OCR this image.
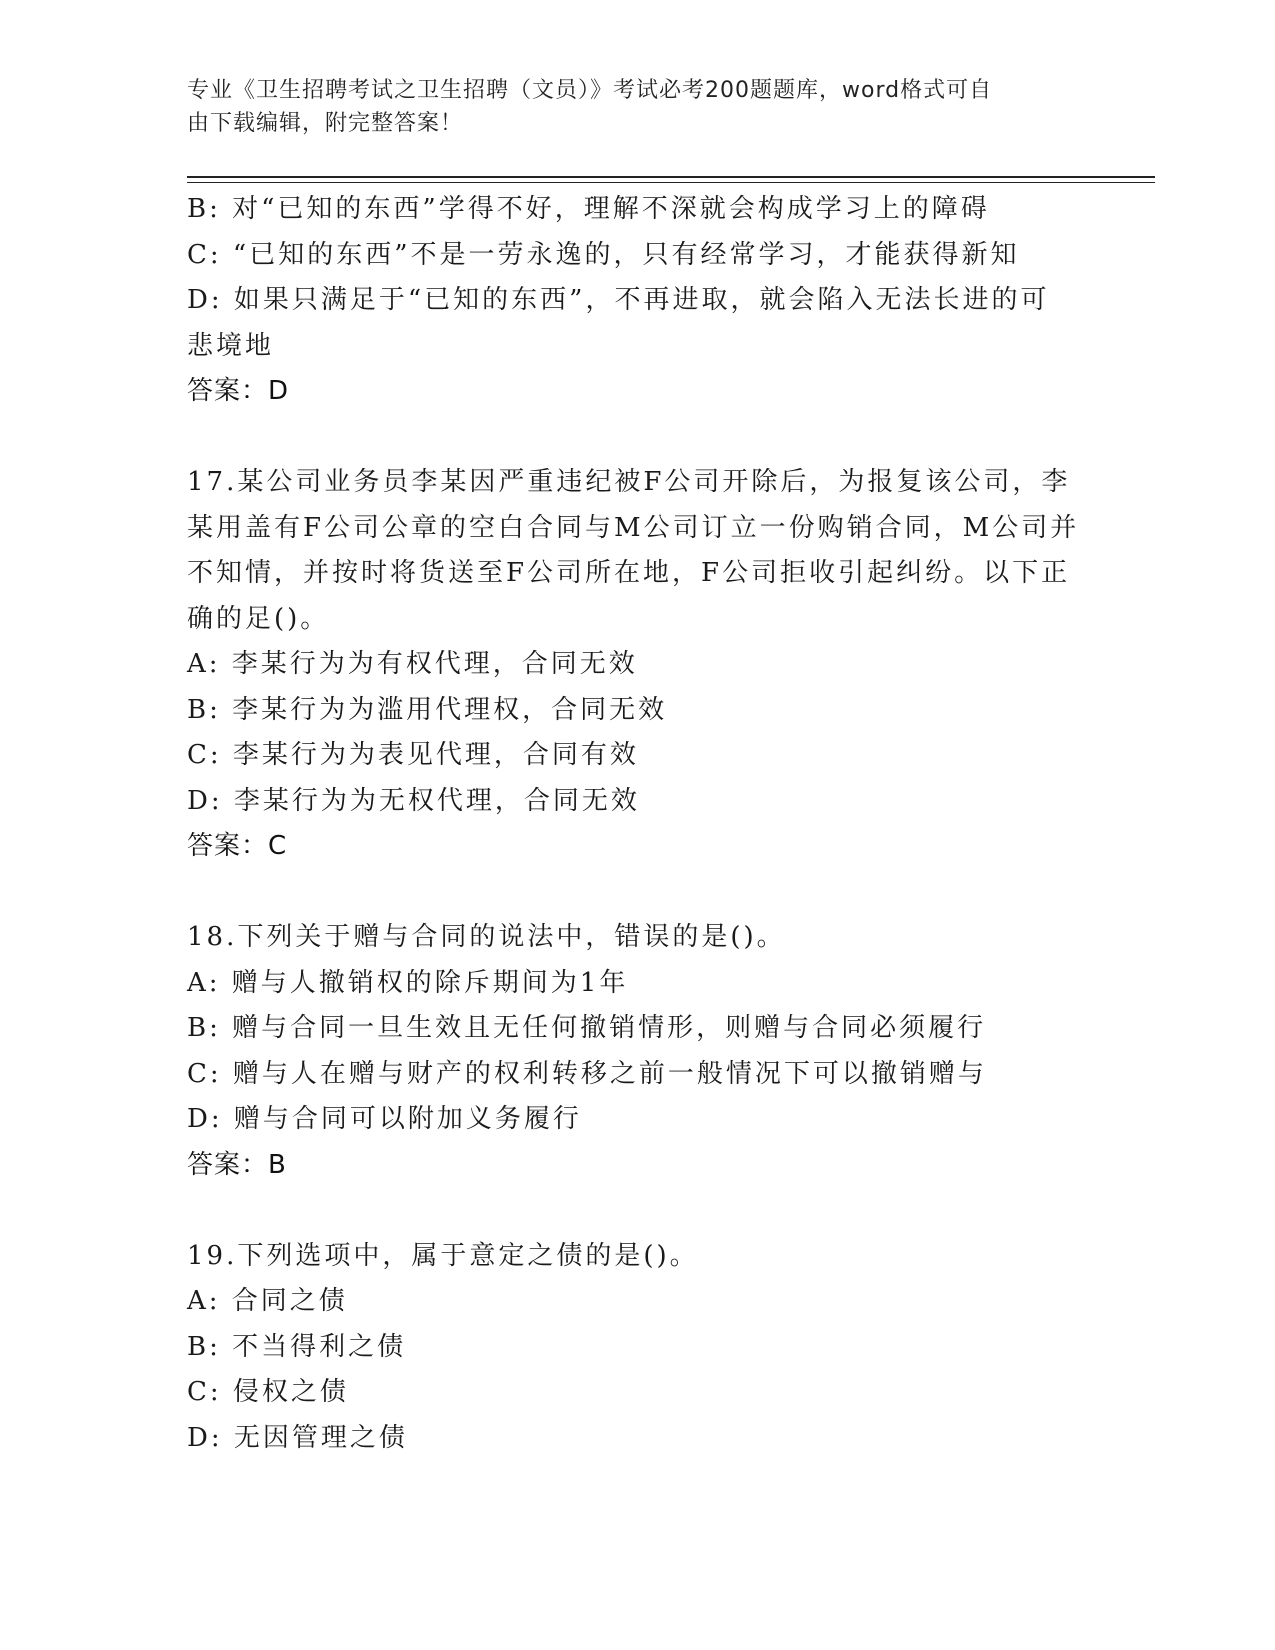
专业《卫生招聘考试之卫生招聘（文员）》考试必考200题题库，word格式可自
由下载编辑，附完整答案！
B: 对“已知的东西”学得不好，理解不深就会构成学习上的障碍
C: “已知的东西”不是一劳永逸的，只有经常学习，才能获得新知
D: 如果只满足于“已知的东西”，不再进取，就会陷入无法长进的可
悲境地
答案：D
17.某公司业务员李某因严重违纪被F公司开除后，为报复该公司，李
某用盖有F公司公章的空白合同与M公司订立一份购销合同，M公司并
不知情，并按时将货送至F公司所在地，F公司拒收引起纠纷。以下正
确的足()。
A: 李某行为为有权代理，合同无效
B: 李某行为为滥用代理权，合同无效
C: 李某行为为表见代理，合同有效
D: 李某行为为无权代理，合同无效
答案：C
18.下列关于赠与合同的说法中，错误的是()。
A: 赠与人撤销权的除斥期间为1年
B: 赠与合同一旦生效且无任何撤销情形，则赠与合同必须履行
C: 赠与人在赠与财产的权利转移之前一般情况下可以撤销赠与
D: 赠与合同可以附加义务履行
答案：B
19.下列选项中，属于意定之债的是()。
A: 合同之债
B: 不当得利之债
C: 侵权之债
D: 无因管理之债
